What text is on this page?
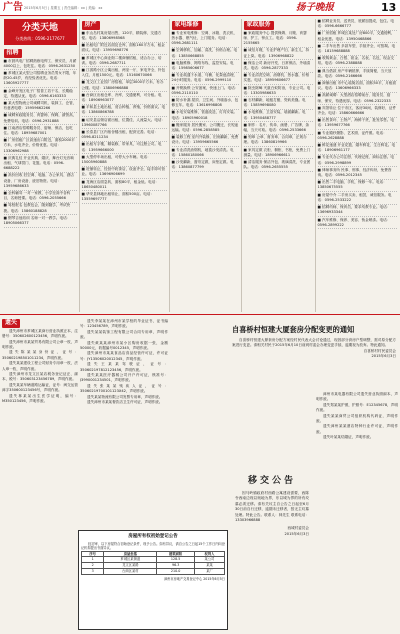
广告 2015年6月5日 | 星期五 | 责任编辑：xx | 美编：xx	扬子晚报	13
分类天地
分类热线：0596-2177677
招聘
■ 市鼓风电厂招聘熟练电焊工、保安员，月薪4000以上，包吃住。电话：0596-2631250
■ 芗城区某大型公司招聘业务员男女不限，年龄20-45岁，有经验者优先。电话：13605927777
■ 金峰开发区电子厂招普工若干名，长期稳定，待遇从优。电话：0596-6163333
■ 某大型物流公司诚聘司机、装卸工、仓管，有意者电联：15959662266
■ 诚聘家政服务员、育婴师、保姆，薪资高，免费培训。电话：0596-2931888
■ 江南酒店招聘服务员、厨师、保洁，包吃住。电话：18959687001
■ 厂房招租厂区高速出口附近，面积2000平方米，水电齐全，价格优惠。电话：13306962988
■ 庆典礼仪 开业庆典、婚庆、舞台灯光音响出租、气球拱门、花篮。电话：0596-6688222
■ 高价回收 旧空调、电脑、办公家具、酒店设备、厂房设备、废旧物资。电话：13959686633
■ 全科辅导 一对一家教，小学至高中各科目，名师授课。电话：0596-2055666
■ 驾校报名 包教包会，随到随学，考试快捷。电话：15860188828
■ 钢琴吉他培训 名师一对一教学。电话：18905066377
房产
■ 东山岛村某房屋出售，120平，精装修，交通方便。电话：13806998568
■ 出租电厂附近店面及仓库，面积160平方米，租金面议。电话：13959698776
■ 芗城区中心商业街二楼商铺招租，适合办公、培训。电话：0596-2687711
■ 江滨路小区公寓出租，两室一厅，家电齐全，拎包入住，月租1500元。电话：15160670066
■ 龙文区工业园厂房招租，单层3000平方米，有办公楼。电话：13806966888
■ 台商区出租仓库、冷库，交通便利，可分租。电话：18906963077
■ 平和县土地出租，适合种植、养殖，价格面议。电话：13860866788
■ 诏安县沿街店面出租，位置佳，人流量大。电话：13960087766
■ 长泰县厂区内宿舍楼出租，配套完善。电话：0596-8211234
■ 出租写字楼，精装修，带家具，可注册公司。电话：13959666000
■ 大型停车场出租，可停大小车辆。电话：15005960888
■ 旺铺转让，经营中奶茶店，设备齐全，接手即可营业。电话：13696906699
■ 龙海区店面急转，面积80平，租金低。电话：18650480011
■ 华安县林地出租转让，面积500亩。电话：13559697777
家电维修
■ 专业家电维修：空调、冰箱、洗衣机、热水器、燃气灶，上门服务。电话：0596-2681111
■ 空调移机、加氟、清洗，价格合理。电话：13850668855
■ 电脑维修、网络布线、监控安装。电话：15985606677
■ 专业疏通下水道、马桶、化粪池清理，24小时服务。电话：0596-2999110
■ 开锁换锁 公安备案，快速上门。电话：0596-2110110
■ 防水补漏 屋顶、卫生间、外墙渗水，包修五年。电话：13616998808
■ 水电安装维修，管道改造，灯具安装。电话：18905960018
■ 搬家服务 居民搬家、公司搬迁，长短途运输。电话：0596-2858585
■ 装修工程 室内外装修，旧房翻新，免费设计。电话：13959665566
■ 专业清洗油烟机，地毯沙发清洗。电话：15860180066
■ 沙发翻新，窗帘定做，床垫定做。电话：13860877799
家政服务
■ 家政服务中心 提供保姆、月嫂、育婴师、护工、钟点工。电话：0596-2155665
■ 诚信月嫂，专业护理产妇、新生儿，持证上岗。电话：13906968822
■ 保洁公司 新房开荒、日常保洁、外墙清洗。电话：0596-2877333
■ 专业清洗空调、油烟机、热水器，价格实惠。电话：18959606677
■ 除虫除蟑 灭鼠白蚁防治，专业公司。电话：13305986633
■ 石材翻新，地板打蜡，瓷砖美缝。电话：15859698080
■ 水电维修，卫浴安装，墙面翻新。电话：13950488777
■ 制作：名片、传单、画册、广告牌，条幅，当天可取。电话：0596-2533666
■ 刻章 公章、财务章、合同章，正规办理。电话：13860819966
■ 家具定做 衣柜、橱柜、书柜，免费上门测量。电话：18906966611
■ 清洁服务 保洁外包、玻璃清洗，专业团队。电话：0596-2655555
■ 招聘业务员、送货员，底薪加提成，包住。电话：0596-6666777
■ 厂房招租 芗城区某处厂房800平，交通便利，租金优惠。电话：13950468866
■ 二手车出售 多款车型，手续齐全，可按揭。电话：18159688888
■ 收购黄金、白银、铂金、名表、名包，现金交易。电话：0596-2388888
■ 典当借款 房产车辆抵押，手续简便，当天放款。电话：0596-2166666
■ 商铺出租 市中心临街店面，面积50平，月租面议。电话：13606966333
■ 高薪诚聘：大型酒店招聘前台、服务员、厨师、保安，待遇优厚。电话：0596-2322333
■ 宾馆转让 位于市区，客房30间，装修好，证件齐全。电话：15860666666
■ 出售茶叶、土特产、海鲜干货，批发零售。电话：13959677766
■ 专业婚纱摄影、艺术照、证件照。电话：0596-2628888
■ 鲜花速递 开业花篮、婚车鲜花、生日鲜花。电话：18906961177
■ 专业代办公司注册、代理记账、商标注册。电话：0596-2998899
■ 律师事务所 民事、刑事、经济纠纷，免费咨询。电话：0596-2012345
■ 出售二手电脑、手机，保修一年。电话：13850675555
■ 房屋中介 二手房买卖、租赁，诚信服务。电话：0596-2533222
■ 招聘幼师、保育员，要求幼教专业。电话：13696933344
■ 汽车维修、保养、美容、钣金喷漆。电话：0596-2899222
遗失
遗失漳州市芗城区某商行营业执照正本，注册号：350602600123456，声明作废。
遗失漳州市某某贸易有限公司公章一枚，声明作废。
遗失陈某某身份证，证号：350602198501011234，声明作废。
遗失某某建设工程公司财务专用章一枚，法人章一枚，声明作废。
遗失漳州市龙文区某店税务登记证正、副本，税号：350603123456789，声明作废。
遗失某某车辆道路运输证，证号：闽交运管漳字350600123456号，声明作废。
遗失林某某出生医学证明，编号：M350123456，声明作废。
遗失李某某在漳州市某学校的毕业证书，证书编号：123456789，声明作废。
遗失某某装饰工程有限公司合同专用章，声明作废。
遗失黄某某漳州市某小区购房收据一张，金额50000元，收据编号0012345，声明作废。
遗失漳州市某某食品店食品经营许可证，许可证号：JY13506020012345，声明作废。
遗失王某某驾驶证，证号：350602197812123456，声明作废。
遗失某某医疗器械公司开户许可证，核准号：J3990001234501，声明作废。
遗失张某某残疾人证，证号：35060219700101123X42，声明作废。
遗失某某物流有限公司发票专用章，声明作废。
遗失漳州市某某餐饮店卫生许可证，声明作废。
房屋所有权初始登记公告
经初审，以下房屋符合初始登记条件，现予公告。如有异议，请自公告之日起15个工作日内向登记机构提出书面异议。
序号	房屋坐落	建筑面积	权利人
1	芗城区某街道	128.5	某公司
2	龙文区某路	96.3	某某
3	台商区某村	210.0	某厂
漳州市房地产交易登记中心 2015年6月5日
自喜桥村恒建大厦套房分配变更的通知
自喜桥村恒建大厦套房分配方案经村民代表大会讨论通过，现因部分套房户型调整，需对原分配方案进行变更。请相关村民于2015年6月10日前到村委会办理变更手续，逾期视为放弃。特此通知。
自喜桥村村民委员会
2015年6月3日
漳州市某电器有限公司遗失营业执照副本，声明作废。
遗失郑某某护照，护照号：E12345678，声明作废。
遗失某某商贸公司组织机构代码证，声明作废。
遗失漳州某某酒店特种行业许可证，声明作废。
遗失叶某某结婚证，声明作废。
移交公告
因马岭镇政府村西路公寓建设需要，西陈寺西南边现以奥地为界，东以城为界的所有坟墓必须迁移。请有关坟主自公告之日起至6月30日前自行迁移，逾期未迁移者，按无主坟墓处理。特此公告。联系人：林先生 联系电话：13303966888
西城村委员会
2015年6月3日
